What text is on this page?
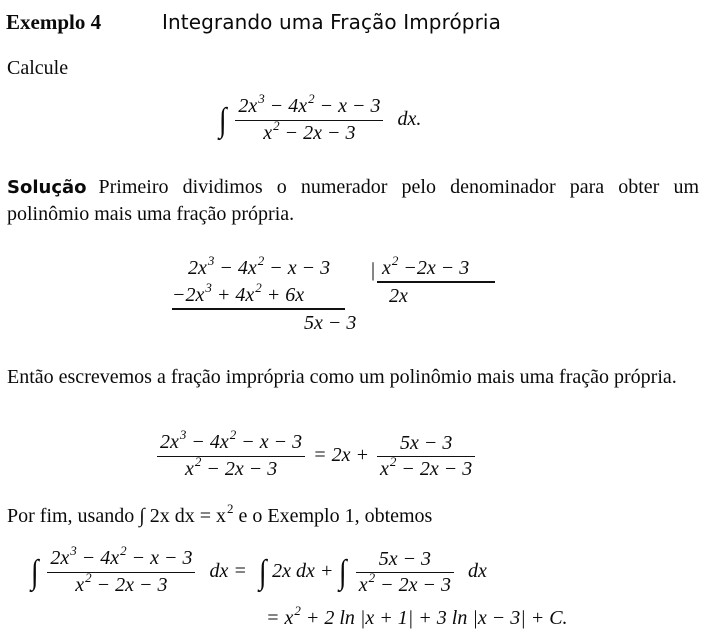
Exemplo 4	Integrando uma Fração Imprópria
Calcule
∫ $\frac{2x^3 - 4x^2 - x - 3}{x^2 - 2x - 3}$ dx.

Solução Primeiro dividimos o numerador pelo denominador para obter um polinômio mais uma fração própria.

$2x^3 - 4x^2 - x - 3$ | $x^2 -2x - 3$
$-2x^3 + 4x^2 + 6x$	2x
5x − 3

Então escrevemos a fração imprópria como um polinômio mais uma fração própria.

$\frac{2x^3 - 4x^2 - x - 3}{x^2 - 2x - 3} = 2x + \frac{5x - 3}{x^2 - 2x - 3}$
Por fim, usando ∫ 2x dx = $x^2$ e o Exemplo 1, obtemos
∫ $\frac{2x^3 - 4x^2 - x - 3}{x^2 - 2x - 3}$ dx = ∫ 2x dx + ∫ $\frac{5x - 3}{x^2 - 2x - 3}$ dx
= $x^2 + 2$ ln |x + 1| + 3 ln |x − 3| + C.
